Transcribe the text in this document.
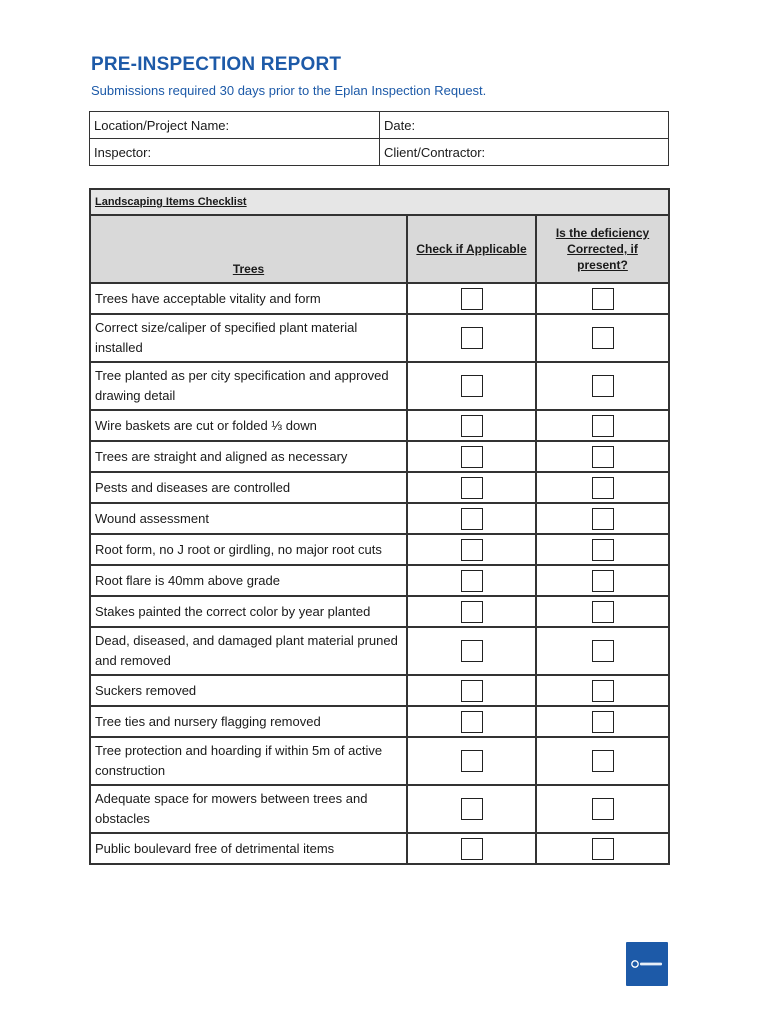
PRE-INSPECTION REPORT
Submissions required 30 days prior to the Eplan Inspection Request.
Location/Project Name:	Date:
Inspector:	Client/Contractor:
Landscaping Items Checklist		
Trees	Check if Applicable	Is the deficiency Corrected, if present?

Trees have acceptable vitality and form		
Correct size/caliper of specified plant material installed		
Tree planted as per city specification and approved drawing detail		
Wire baskets are cut or folded ⅓ down		
Trees are straight and aligned as necessary		
Pests and diseases are controlled		
Wound assessment		
Root form, no J root or girdling, no major root cuts		
Root flare is 40mm above grade		
Stakes painted the correct color by year planted		
Dead, diseased, and damaged plant material pruned and removed		
Suckers removed		
Tree ties and nursery flagging removed		
Tree protection and hoarding if within 5m of active construction		
Adequate space for mowers between trees and obstacles		
Public boulevard free of detrimental items		
